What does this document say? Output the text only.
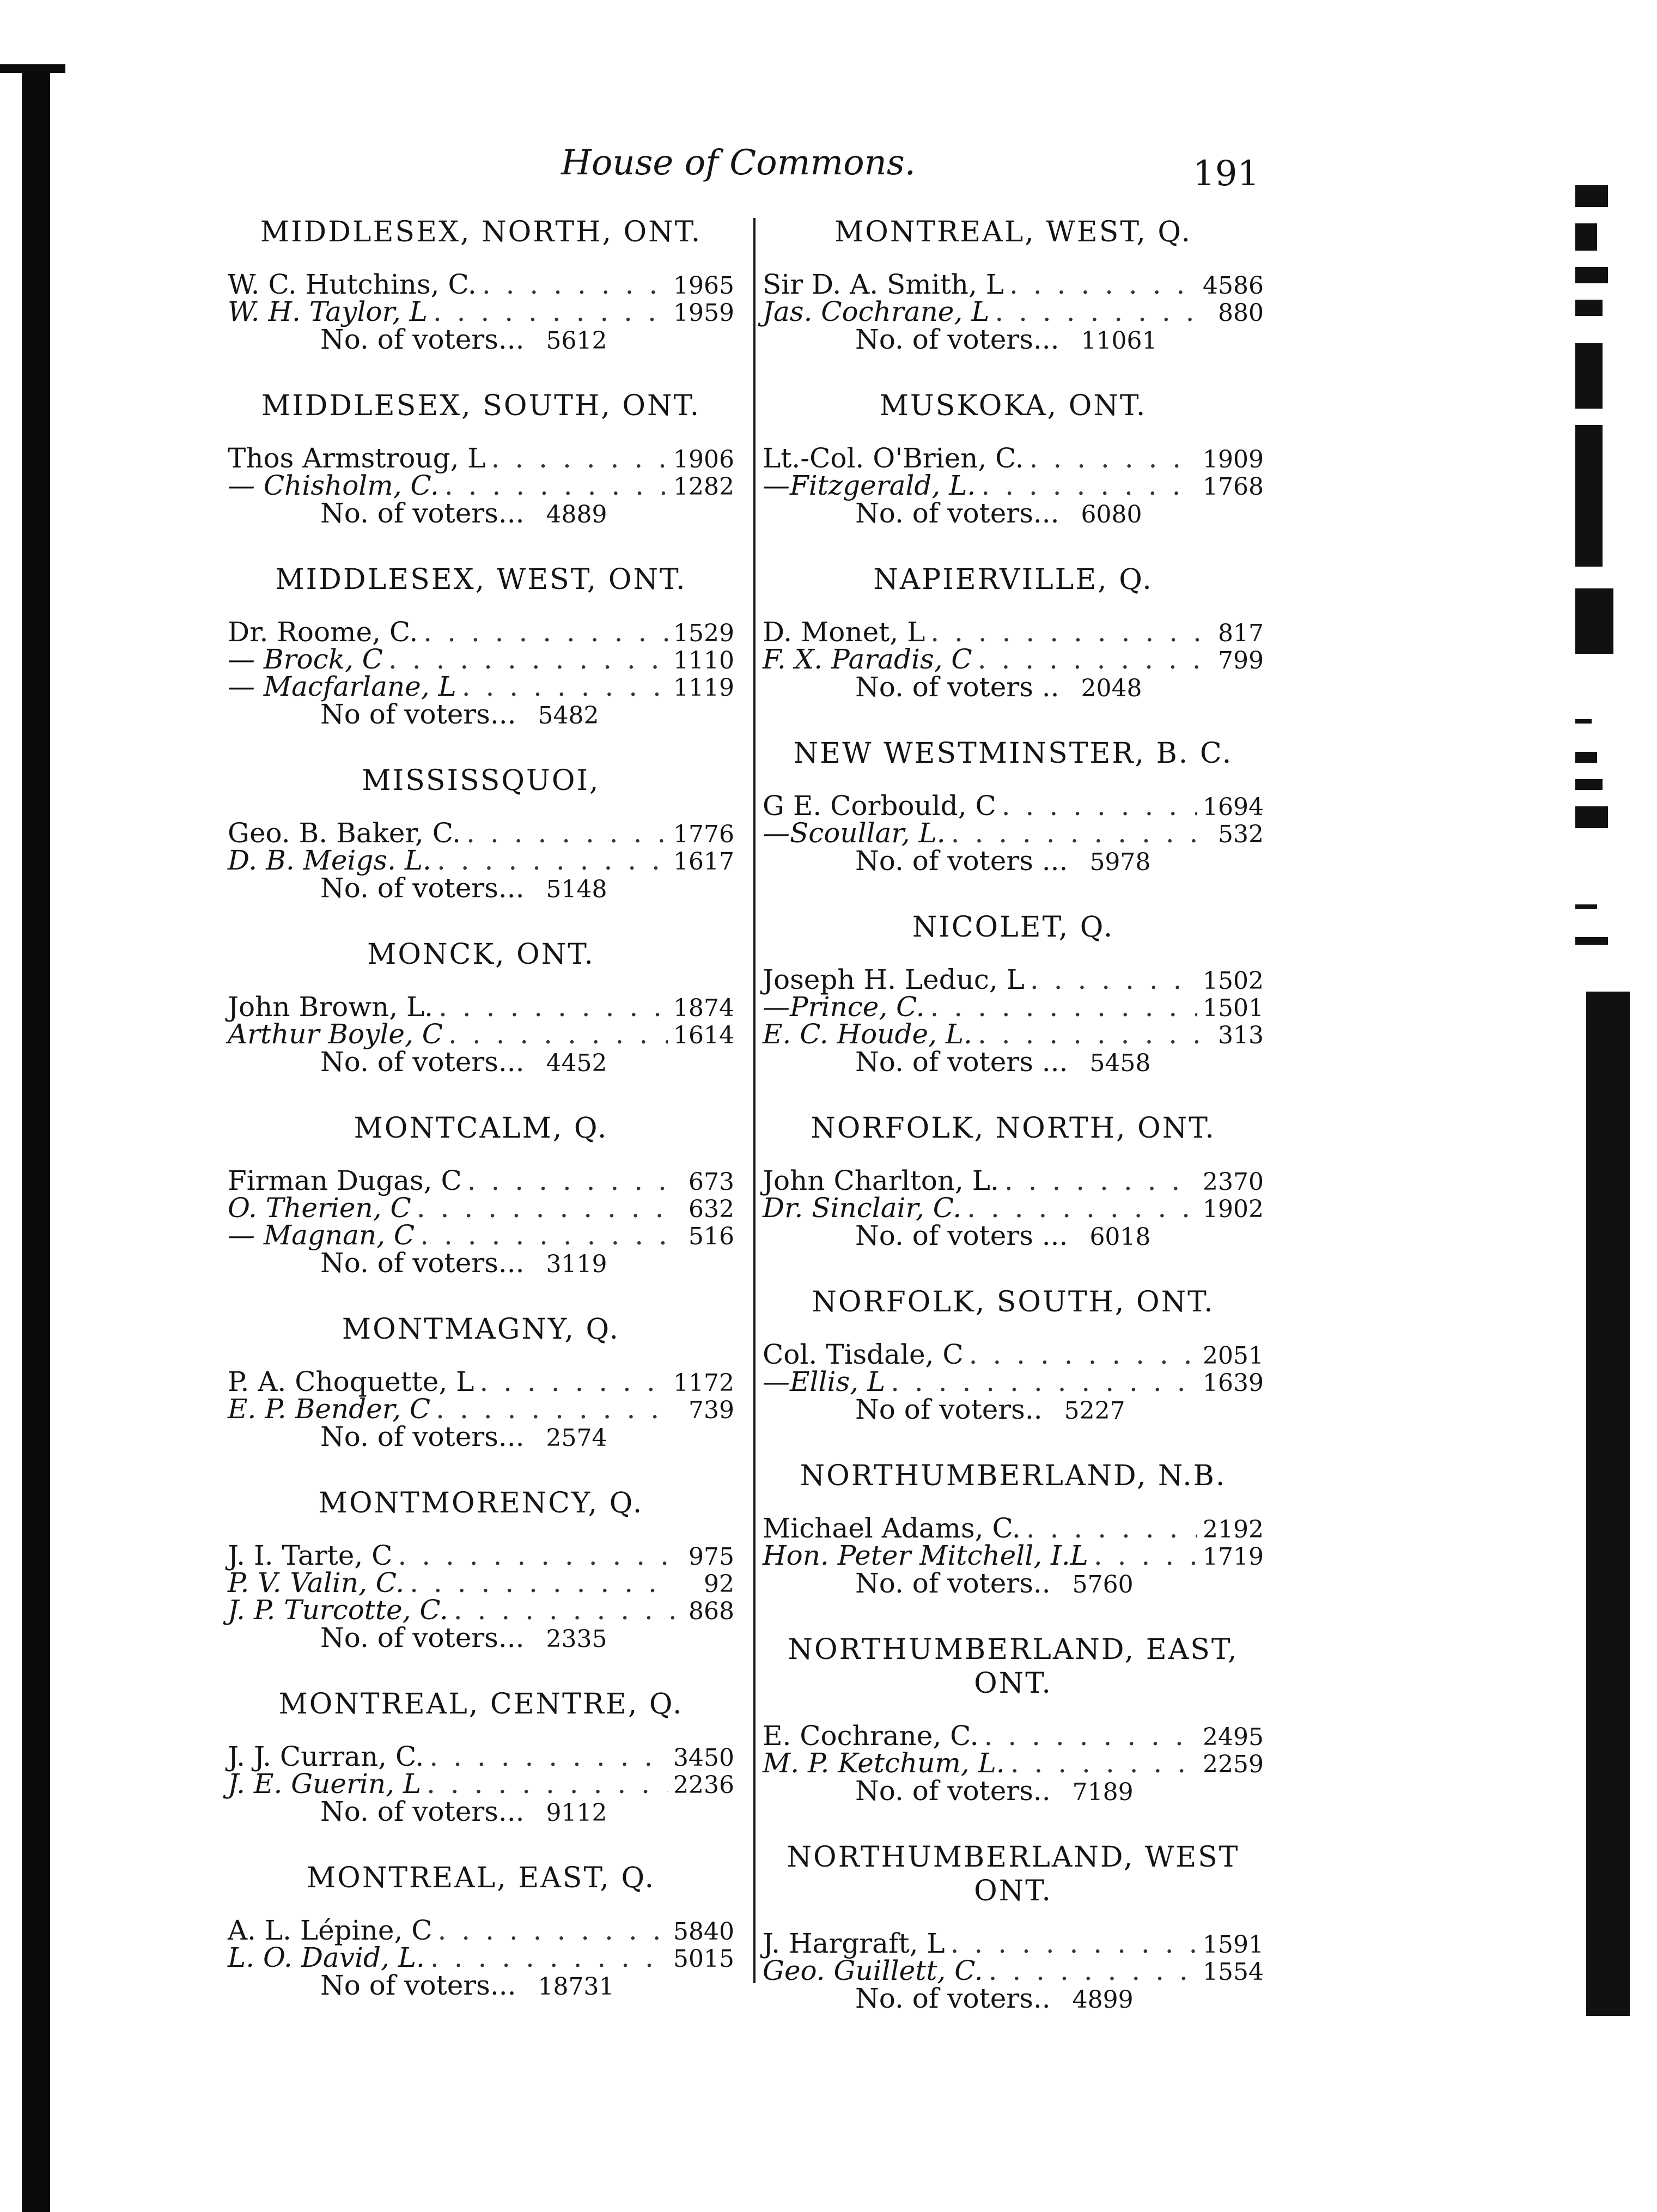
House of Commons.	191
MIDDLESEX, NORTH, ONT.
W. C. Hutchins, C. . . .	1965
W. H. Taylor, L . . .	1959
No. of voters... 5612
MIDDLESEX, SOUTH, ONT.
Thos Armstroug, L . . .	1906
— Chisholm, C. . . .	1282
No. of voters... 4889
MIDDLESEX, WEST, ONT.
Dr. Roome, C. . . .	1529
— Brock, C . . .	1110
— Macfarlane, L . . .	1119
No of voters... 5482
MISSISSQUOI,
Geo. B. Baker, C. . . .	1776
D. B. Meigs. L. . . .	1617
No. of voters... 5148
MONCK, ONT.
John Brown, L. . . .	1874
Arthur Boyle, C . . .	1614
No. of voters... 4452
MONTCALM, Q.
Firman Dugas, C . . .	673
O. Therien, C . . .	632
— Magnan, C . . .	516
No. of voters... 3119
MONTMAGNY, Q.
P. A. Choquette, L . . .	1172
E. P. Bender, C . . .	739
No. of voters... 2574
MONTMORENCY, Q.
J. I. Tarte, C . . .	975
P. V. Valin, C. . . .	92
J. P. Turcotte, C. . . .	868
No. of voters... 2335
MONTREAL, CENTRE, Q.
J. J. Curran, C. . . .	3450
J. E. Guerin, L . . .	2236
No. of voters... 9112
MONTREAL, EAST, Q.
A. L. Lépine, C . . .	5840
L. O. David, L. . . .	5015
No of voters... 18731
MONTREAL, WEST, Q.
Sir D. A. Smith, L . . .	4586
Jas. Cochrane, L . . .	880
No. of voters... 11061
MUSKOKA, ONT.
Lt.-Col. O'Brien, C. . . .	1909
—Fitzgerald, L. . . .	1768
No. of voters... 6080
NAPIERVILLE, Q.
D. Monet, L . . .	817
F. X. Paradis, C . . .	799
No. of voters .. 2048
NEW WESTMINSTER, B. C.
G E. Corbould, C . . .	1694
—Scoullar, L. . . .	532
No. of voters ... 5978
NICOLET, Q.
Joseph H. Leduc, L . . .	1502
—Prince, C. . . .	1501
E. C. Houde, L. . . .	313
No. of voters ... 5458
NORFOLK, NORTH, ONT.
John Charlton, L. . . .	2370
Dr. Sinclair, C. . . .	1902
No. of voters ... 6018
NORFOLK, SOUTH, ONT.
Col. Tisdale, C . . .	2051
—Ellis, L . . .	1639
No of voters.. 5227
NORTHUMBERLAND, N.B.
Michael Adams, C. . . .	2192
Hon. Peter Mitchell, I.L . . .	1719
No. of voters.. 5760
NORTHUMBERLAND, EAST, ONT.
E. Cochrane, C. . . .	2495
M. P. Ketchum, L. . . .	2259
No. of voters.. 7189
NORTHUMBERLAND, WEST ONT.
J. Hargraft, L . . .	1591
Geo. Guillett, C. . . .	1554
No. of voters.. 4899
